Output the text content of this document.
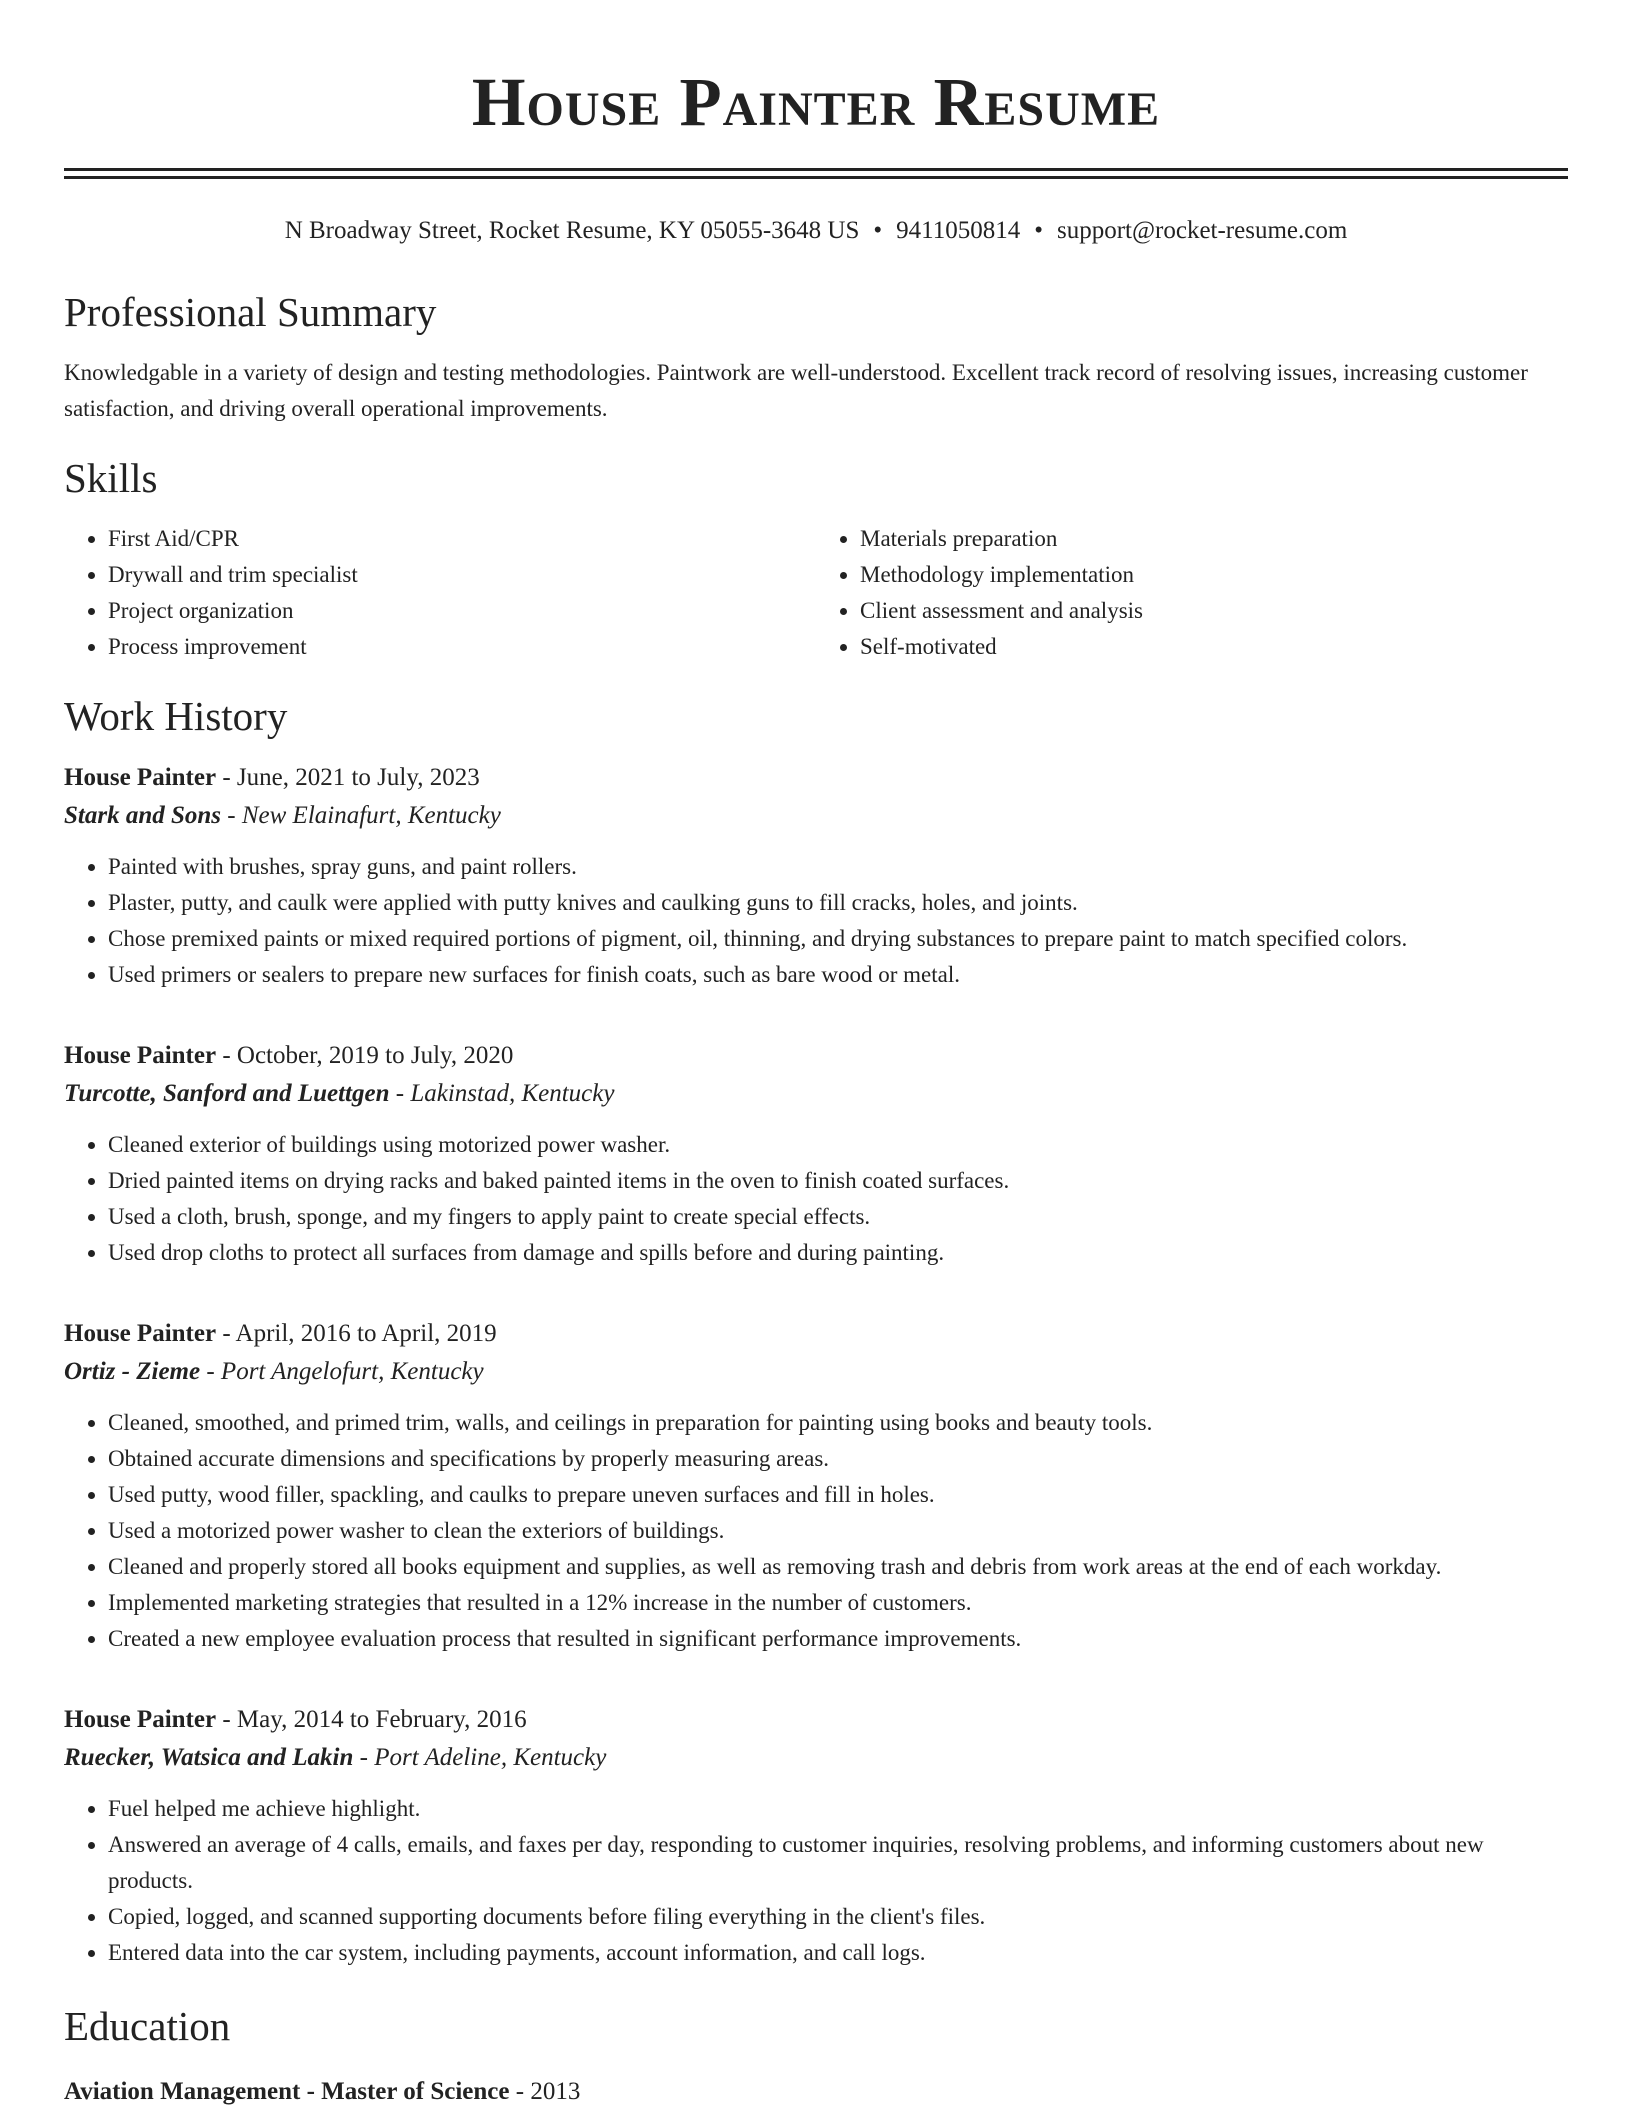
House Painter Resume
N Broadway Street, Rocket Resume, KY 05055-3648 US • 9411050814 • support@rocket-resume.com
Professional Summary

Knowledgable in a variety of design and testing methodologies. Paintwork are well-understood. Excellent track record of resolving issues, increasing customer satisfaction, and driving overall operational improvements.

Skills
• First Aid/CPR
• Drywall and trim specialist
• Project organization
• Process improvement
• Materials preparation
• Methodology implementation
• Client assessment and analysis
• Self-motivated
Work History
House Painter - June, 2021 to July, 2023
Stark and Sons - New Elainafurt, Kentucky
• Painted with brushes, spray guns, and paint rollers.
• Plaster, putty, and caulk were applied with putty knives and caulking guns to fill cracks, holes, and joints.
• Chose premixed paints or mixed required portions of pigment, oil, thinning, and drying substances to prepare paint to match specified colors.
• Used primers or sealers to prepare new surfaces for finish coats, such as bare wood or metal.
House Painter - October, 2019 to July, 2020
Turcotte, Sanford and Luettgen - Lakinstad, Kentucky
• Cleaned exterior of buildings using motorized power washer.
• Dried painted items on drying racks and baked painted items in the oven to finish coated surfaces.
• Used a cloth, brush, sponge, and my fingers to apply paint to create special effects.
• Used drop cloths to protect all surfaces from damage and spills before and during painting.
House Painter - April, 2016 to April, 2019
Ortiz - Zieme - Port Angelofurt, Kentucky
• Cleaned, smoothed, and primed trim, walls, and ceilings in preparation for painting using books and beauty tools.
• Obtained accurate dimensions and specifications by properly measuring areas.
• Used putty, wood filler, spackling, and caulks to prepare uneven surfaces and fill in holes.
• Used a motorized power washer to clean the exteriors of buildings.
• Cleaned and properly stored all books equipment and supplies, as well as removing trash and debris from work areas at the end of each workday.
• Implemented marketing strategies that resulted in a 12% increase in the number of customers.
• Created a new employee evaluation process that resulted in significant performance improvements.
House Painter - May, 2014 to February, 2016
Ruecker, Watsica and Lakin - Port Adeline, Kentucky
• Fuel helped me achieve highlight.
• Answered an average of 4 calls, emails, and faxes per day, responding to customer inquiries, resolving problems, and informing customers about new products.
• Copied, logged, and scanned supporting documents before filing everything in the client's files.
• Entered data into the car system, including payments, account information, and call logs.
Education
Aviation Management - Master of Science - 2013
